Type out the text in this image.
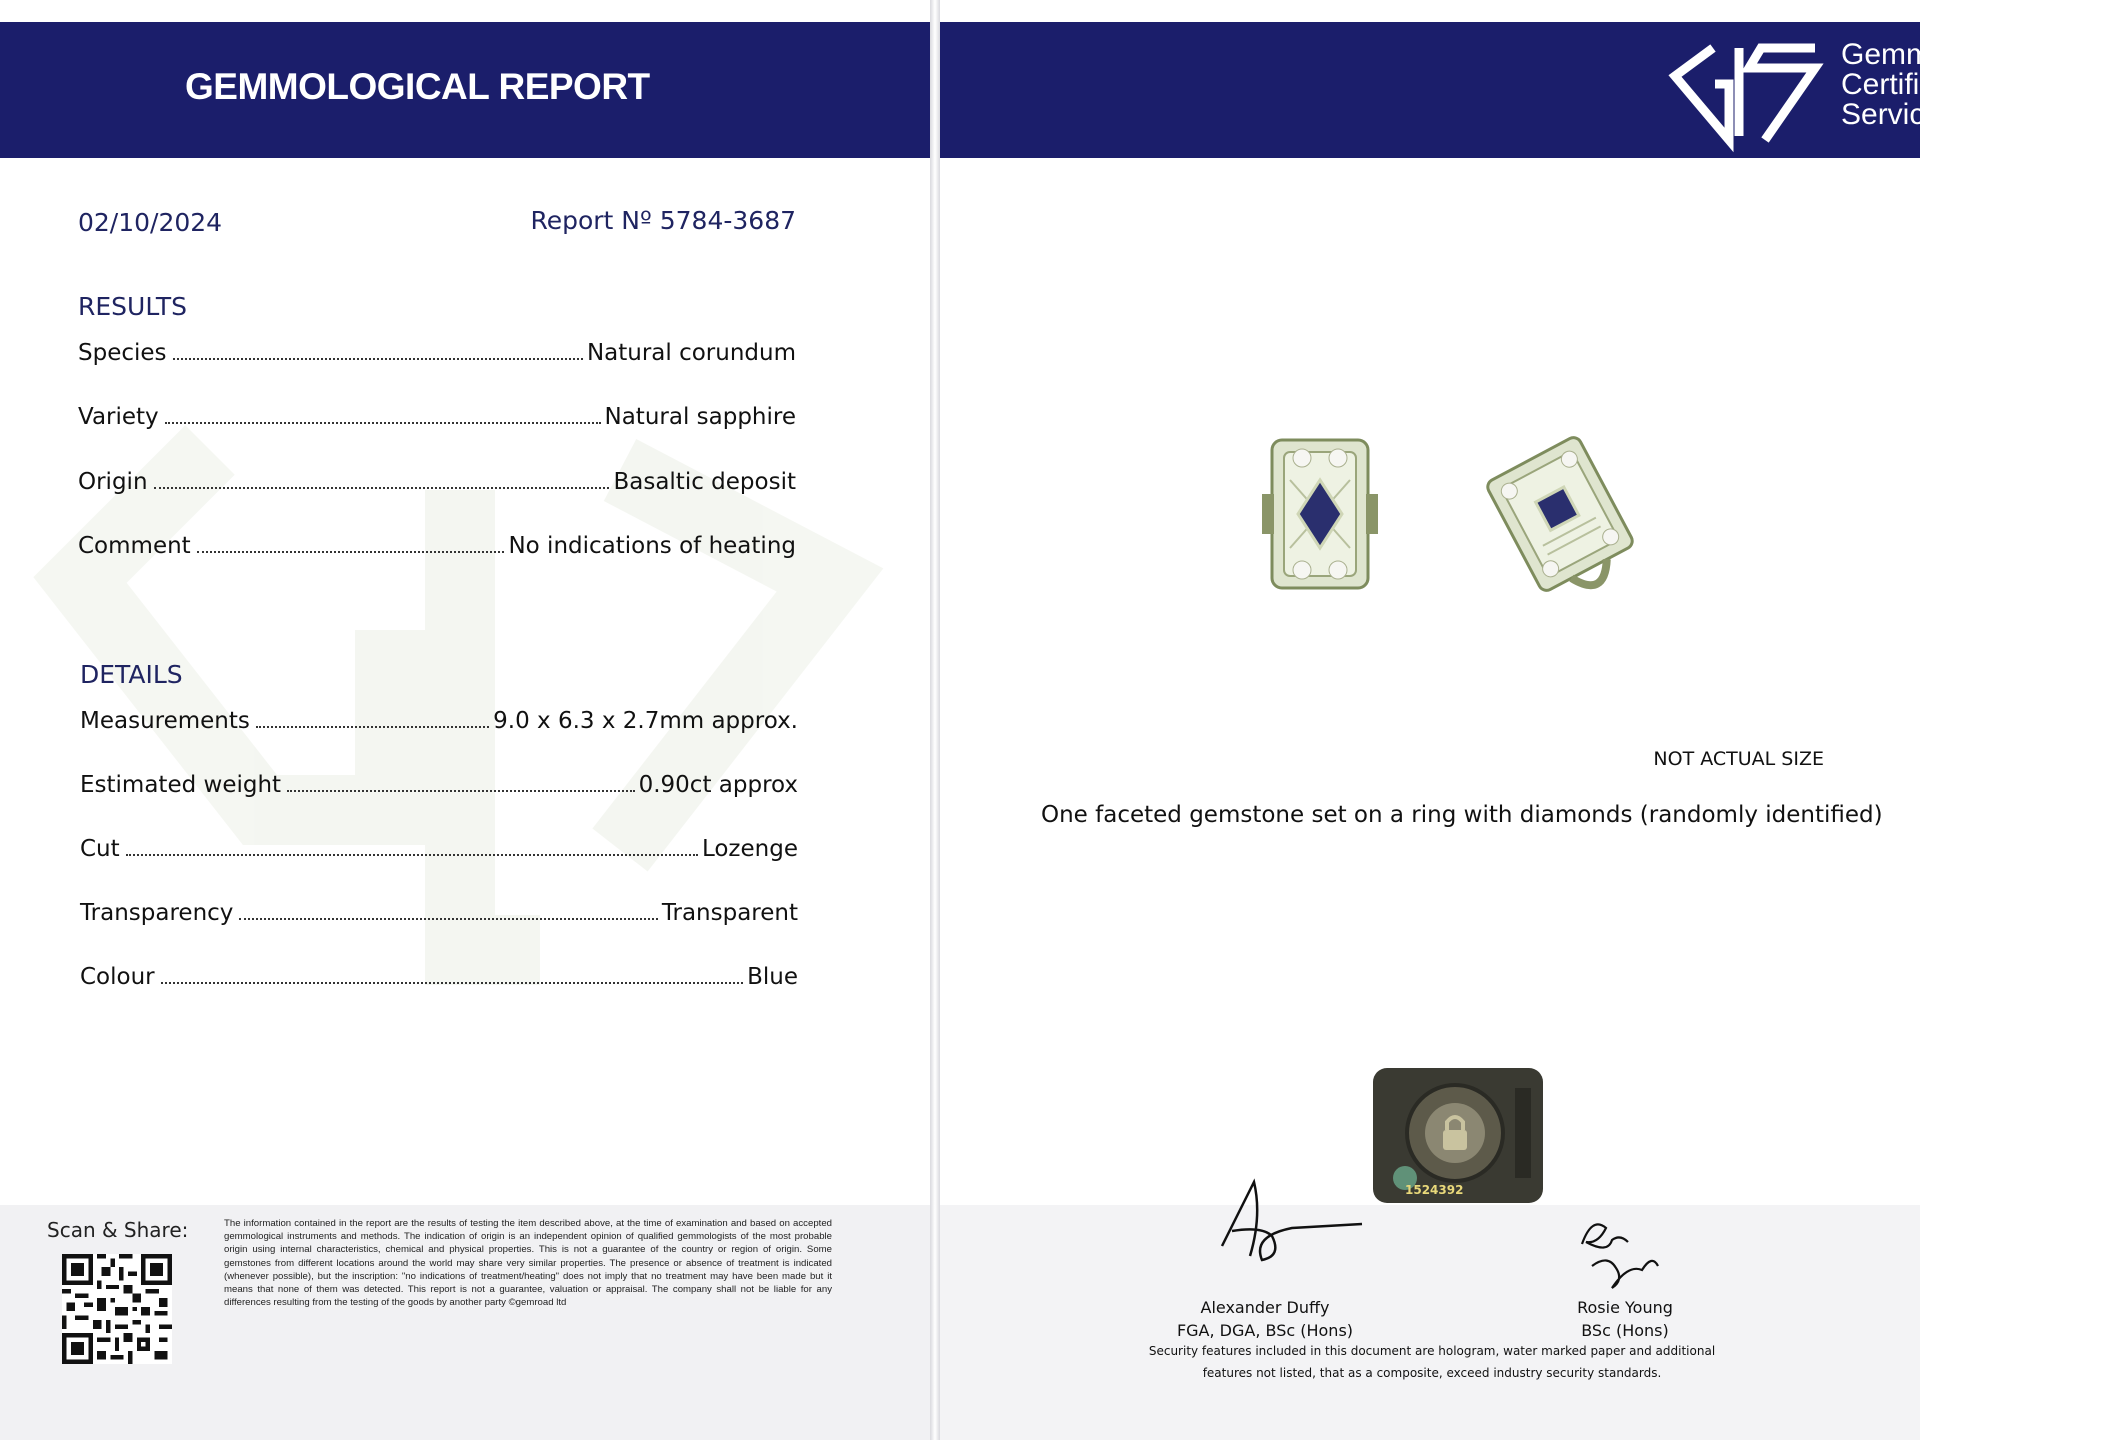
GEMMOLOGICAL REPORT
02/10/2024	Report Nº 5784-3687
RESULTS
Species	Natural corundum
Variety	Natural sapphire
Origin	Basaltic deposit
Comment	No indications of heating
DETAILS
Measurements	9.0 x 6.3 x 2.7mm approx.
Estimated weight	0.90ct approx
Cut	Lozenge
Transparency	Transparent
Colour	Blue
Scan & Share:	The information contained in the report are the results of testing the item described above, at the time of examination and based on accepted gemmological instruments and methods. The indication of origin is an independent opinion of qualified gemmologists of the most probable origin using internal characteristics, chemical and physical properties. This is not a guarantee of the country or region of origin. Some gemstones from different locations around the world may share very similar properties. The presence or absence of treatment is indicated (whenever possible), but the inscription: "no indications of treatment/heating" does not imply that no treatment may have been made but it means that none of them was detected. This report is not a guarantee, valuation or appraisal. The company shall not be liable for any differences resulting from the testing of the goods by another party ©gemroad ltd
Gemmological
Certification
Services
NOT ACTUAL SIZE
One faceted gemstone set on a ring with diamonds (randomly identified)
1524392
Alexander Duffy
FGA, DGA, BSc (Hons)
Rosie Young
BSc (Hons)
Security features included in this document are hologram, water marked paper and additional
features not listed, that as a composite, exceed industry security standards.
